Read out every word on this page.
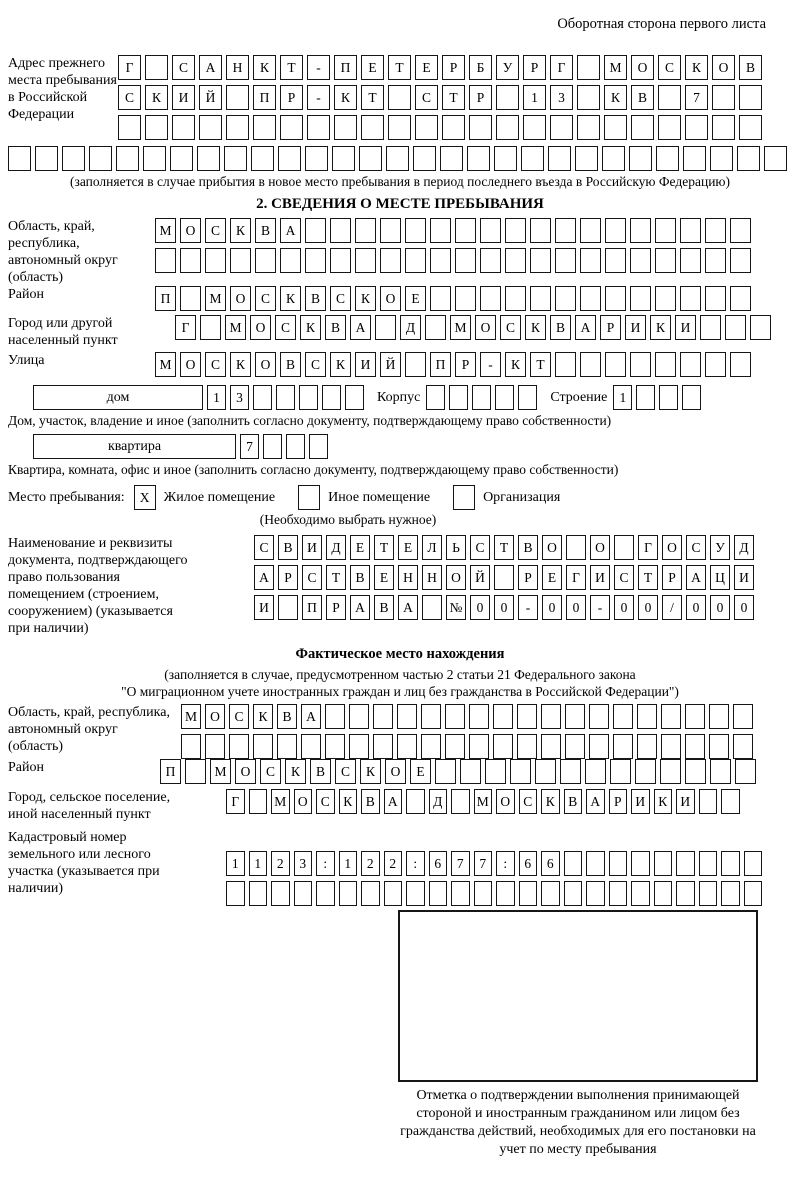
Оборотная сторона первого листа
Адрес прежнего места пребывания в Российской Федерации
Г	С	А	Н	К	Т	-	П	Е	Т	Е	Р	Б	У	Р	Г	М	О	С	К	О	В
С	К	И	Й	П	Р	-	К	Т	С	Т	Р	1	3	К	В	7
(заполняется в случае прибытия в новое место пребывания в период последнего въезда в Российскую Федерацию)
2. СВЕДЕНИЯ О МЕСТЕ ПРЕБЫВАНИЯ
Область, край, республика, автономный округ (область)
М	О	С	К	В	А
Район	П	М	О	С	К	В	С	К	О	Е
Город или другой населенный пункт
Г	М	О	С	К	В	А	Д	М	О	С	К	В	А	Р	И	К	И
Улица	М	О	С	К	О	В	С	К	И	Й	П	Р	-	К	Т
дом	1	3	Корпус	Строение 1
Дом, участок, владение и иное (заполнить согласно документу, подтверждающему право собственности)
квартира	7
Квартира, комната, офис и иное (заполнить согласно документу, подтверждающему право собственности)
Место пребывания:	X	Жилое помещение	Иное помещение	Организация
(Необходимо выбрать нужное)
Наименование и реквизиты документа, подтверждающего право пользования помещением (строением, сооружением) (указывается при наличии)
С	В	И	Д	Е	Т	Е	Л	Ь	С	Т	В	О	О	Г	О	С	У	Д
А	Р	С	Т	В	Е	Н	Н	О	Й	Р	Е	Г	И	С	Т	Р	А	Ц	И
И	П	Р	А	В	А	№	0	0	-	0	0	-	0	0	/	0	0	0
Фактическое место нахождения
(заполняется в случае, предусмотренном частью 2 статьи 21 Федерального закона
"О миграционном учете иностранных граждан и лиц без гражданства в Российской Федерации")
Область, край, республика, автономный округ (область)
М О	С	К	В	А
Район	П	М	О	С	К	В	С	К	О	Е
Город, сельское поселение, иной населенный пункт
Г	М О С К В А	Д	М О С К В А	Р	И К И
Кадастровый номер земельного или лесного участка (указывается при наличии)
1	1	2	3	:	1	2	2	:	6	7	7	:	6	6
Отметка о подтверждении выполнения принимающей стороной и иностранным гражданином или лицом без гражданства действий, необходимых для его постановки на учет по месту пребывания
